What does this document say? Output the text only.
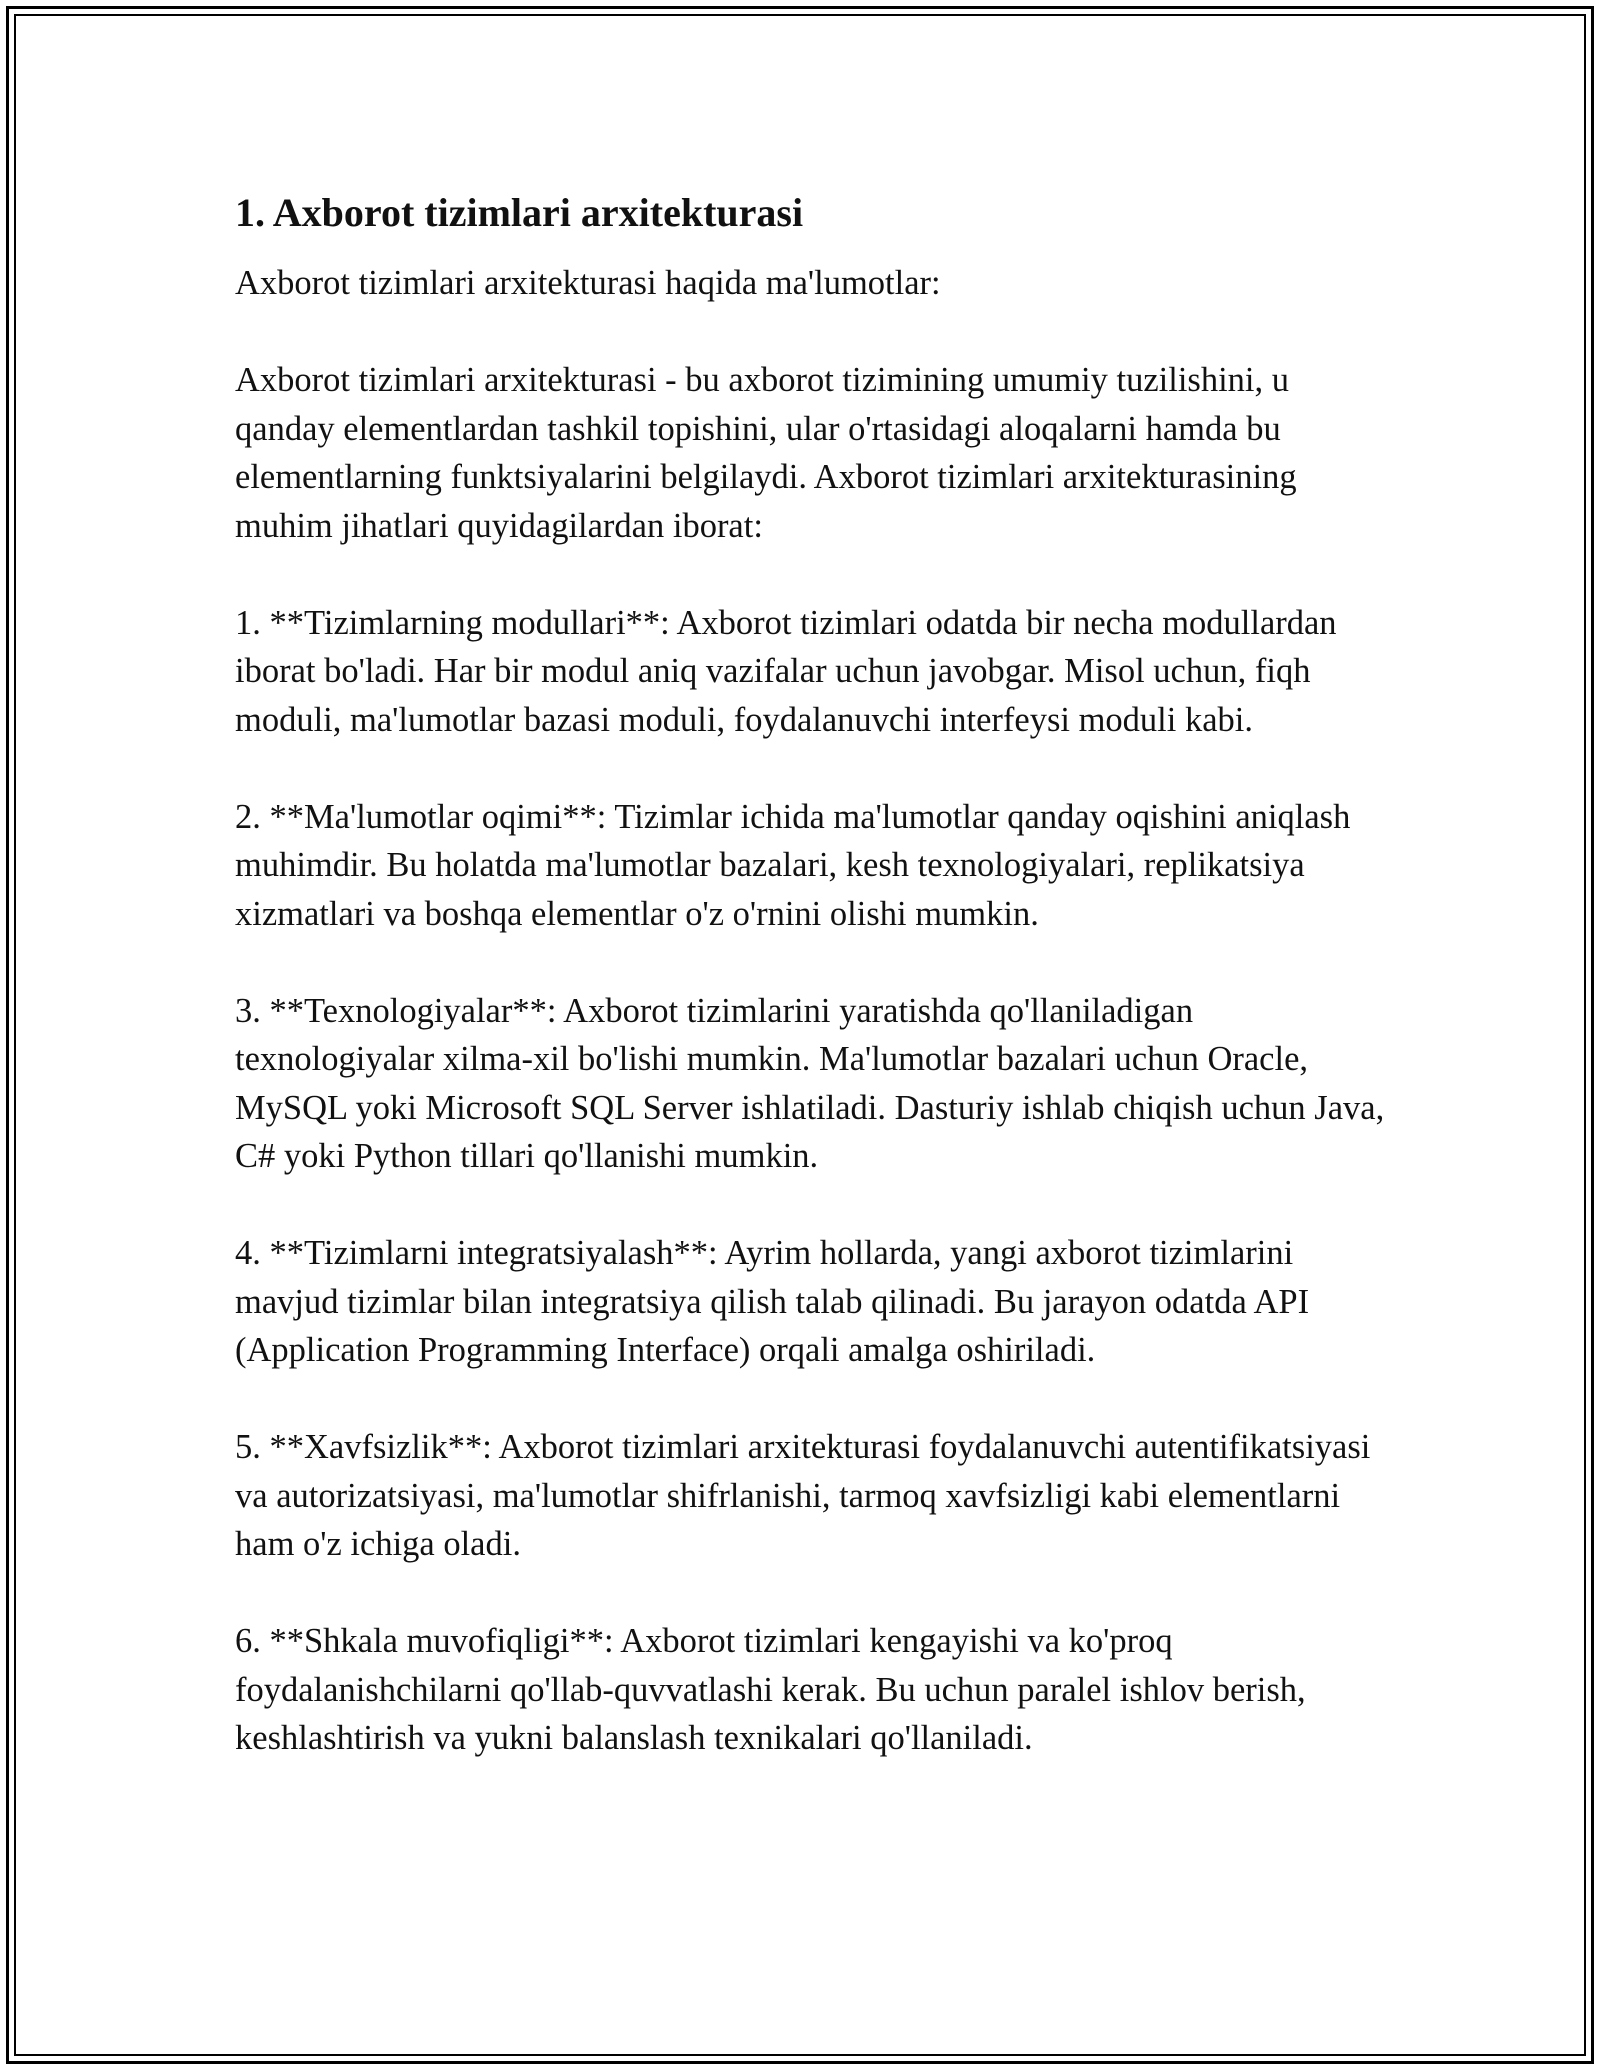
1. Axborot tizimlari arxitekturasi

Axborot tizimlari arxitekturasi haqida ma'lumotlar:

Axborot tizimlari arxitekturasi - bu axborot tizimining umumiy tuzilishini, u qanday elementlardan tashkil topishini, ular o'rtasidagi aloqalarni hamda bu elementlarning funktsiyalarini belgilaydi. Axborot tizimlari arxitekturasining muhim jihatlari quyidagilardan iborat:

1. **Tizimlarning modullari**: Axborot tizimlari odatda bir necha modullardan iborat bo'ladi. Har bir modul aniq vazifalar uchun javobgar. Misol uchun, fiqh moduli, ma'lumotlar bazasi moduli, foydalanuvchi interfeysi moduli kabi.

2. **Ma'lumotlar oqimi**: Tizimlar ichida ma'lumotlar qanday oqishini aniqlash muhimdir. Bu holatda ma'lumotlar bazalari, kesh texnologiyalari, replikatsiya xizmatlari va boshqa elementlar o'z o'rnini olishi mumkin.

3. **Texnologiyalar**: Axborot tizimlarini yaratishda qo'llaniladigan texnologiyalar xilma-xil bo'lishi mumkin. Ma'lumotlar bazalari uchun Oracle, MySQL yoki Microsoft SQL Server ishlatiladi. Dasturiy ishlab chiqish uchun Java, C# yoki Python tillari qo'llanishi mumkin.

4. **Tizimlarni integratsiyalash**: Ayrim hollarda, yangi axborot tizimlarini mavjud tizimlar bilan integratsiya qilish talab qilinadi. Bu jarayon odatda API (Application Programming Interface) orqali amalga oshiriladi.

5. **Xavfsizlik**: Axborot tizimlari arxitekturasi foydalanuvchi autentifikatsiyasi va autorizatsiyasi, ma'lumotlar shifrlanishi, tarmoq xavfsizligi kabi elementlarni ham o'z ichiga oladi.

6. **Shkala muvofiqligi**: Axborot tizimlari kengayishi va ko'proq foydalanishchilarni qo'llab-quvvatlashi kerak. Bu uchun paralel ishlov berish, keshlashtirish va yukni balanslash texnikalari qo'llaniladi.
